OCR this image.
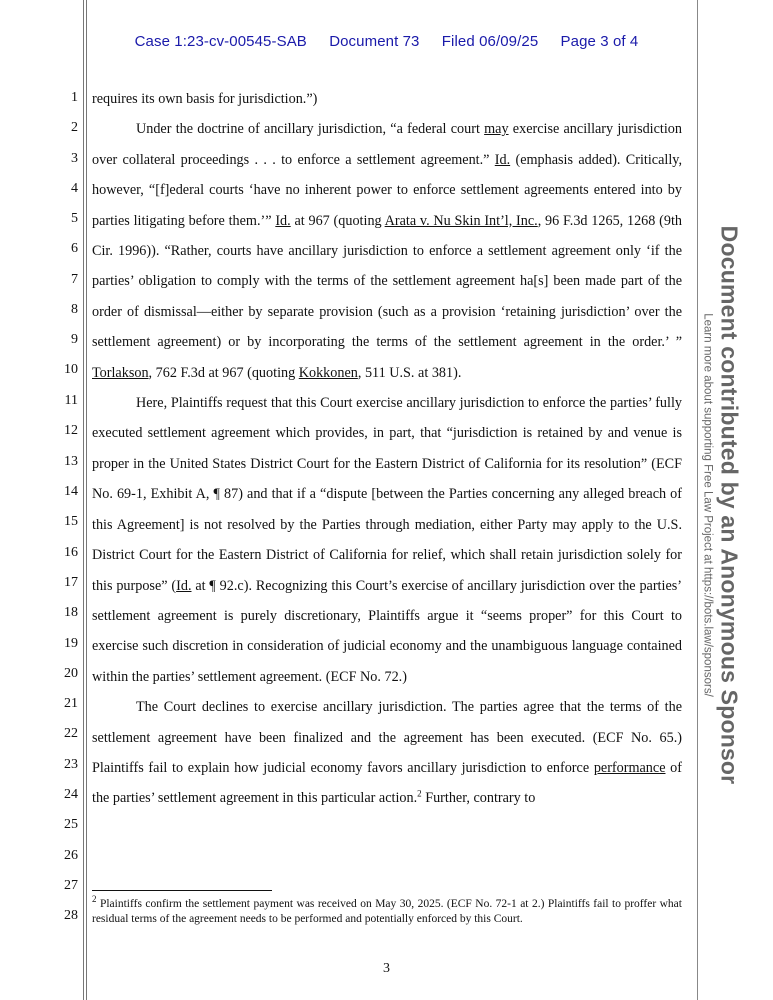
Case 1:23-cv-00545-SAB Document 73 Filed 06/09/25 Page 3 of 4
1
2
3
4
5
6
7
8
9
10
11
12
13
14
15
16
17
18
19
20
21
22
23
24
25
26
27
28

requires its own basis for jurisdiction.”)

Under the doctrine of ancillary jurisdiction, “a federal court may exercise ancillary jurisdiction over collateral proceedings . . . to enforce a settlement agreement.” Id. (emphasis added). Critically, however, “[f]ederal courts ‘have no inherent power to enforce settlement agreements entered into by parties litigating before them.’” Id. at 967 (quoting Arata v. Nu Skin Int’l, Inc., 96 F.3d 1265, 1268 (9th Cir. 1996)). “Rather, courts have ancillary jurisdiction to enforce a settlement agreement only ‘if the parties’ obligation to comply with the terms of the settlement agreement ha[s] been made part of the order of dismissal—either by separate provision (such as a provision ‘retaining jurisdiction’ over the settlement agreement) or by incorporating the terms of the settlement agreement in the order.’ ” Torlakson, 762 F.3d at 967 (quoting Kokkonen, 511 U.S. at 381).

Here, Plaintiffs request that this Court exercise ancillary jurisdiction to enforce the parties’ fully executed settlement agreement which provides, in part, that “jurisdiction is retained by and venue is proper in the United States District Court for the Eastern District of California for its resolution” (ECF No. 69-1, Exhibit A, ¶ 87) and that if a “dispute [between the Parties concerning any alleged breach of this Agreement] is not resolved by the Parties through mediation, either Party may apply to the U.S. District Court for the Eastern District of California for relief, which shall retain jurisdiction solely for this purpose” (Id. at ¶ 92.c). Recognizing this Court’s exercise of ancillary jurisdiction over the parties’ settlement agreement is purely discretionary, Plaintiffs argue it “seems proper” for this Court to exercise such discretion in consideration of judicial economy and the unambiguous language contained within the parties’ settlement agreement. (ECF No. 72.)

The Court declines to exercise ancillary jurisdiction. The parties agree that the terms of the settlement agreement have been finalized and the agreement has been executed. (ECF No. 65.) Plaintiffs fail to explain how judicial economy favors ancillary jurisdiction to enforce performance of the parties’ settlement agreement in this particular action.$^2$ Further, contrary to

$^2$ Plaintiffs confirm the settlement payment was received on May 30, 2025. (ECF No. 72-1 at 2.) Plaintiffs fail to proffer what residual terms of the agreement needs to be performed and potentially enforced by this Court.
3
Document contributed by an Anonymous Sponsor
Learn more about supporting Free Law Project at https://bots.law/sponsors/
